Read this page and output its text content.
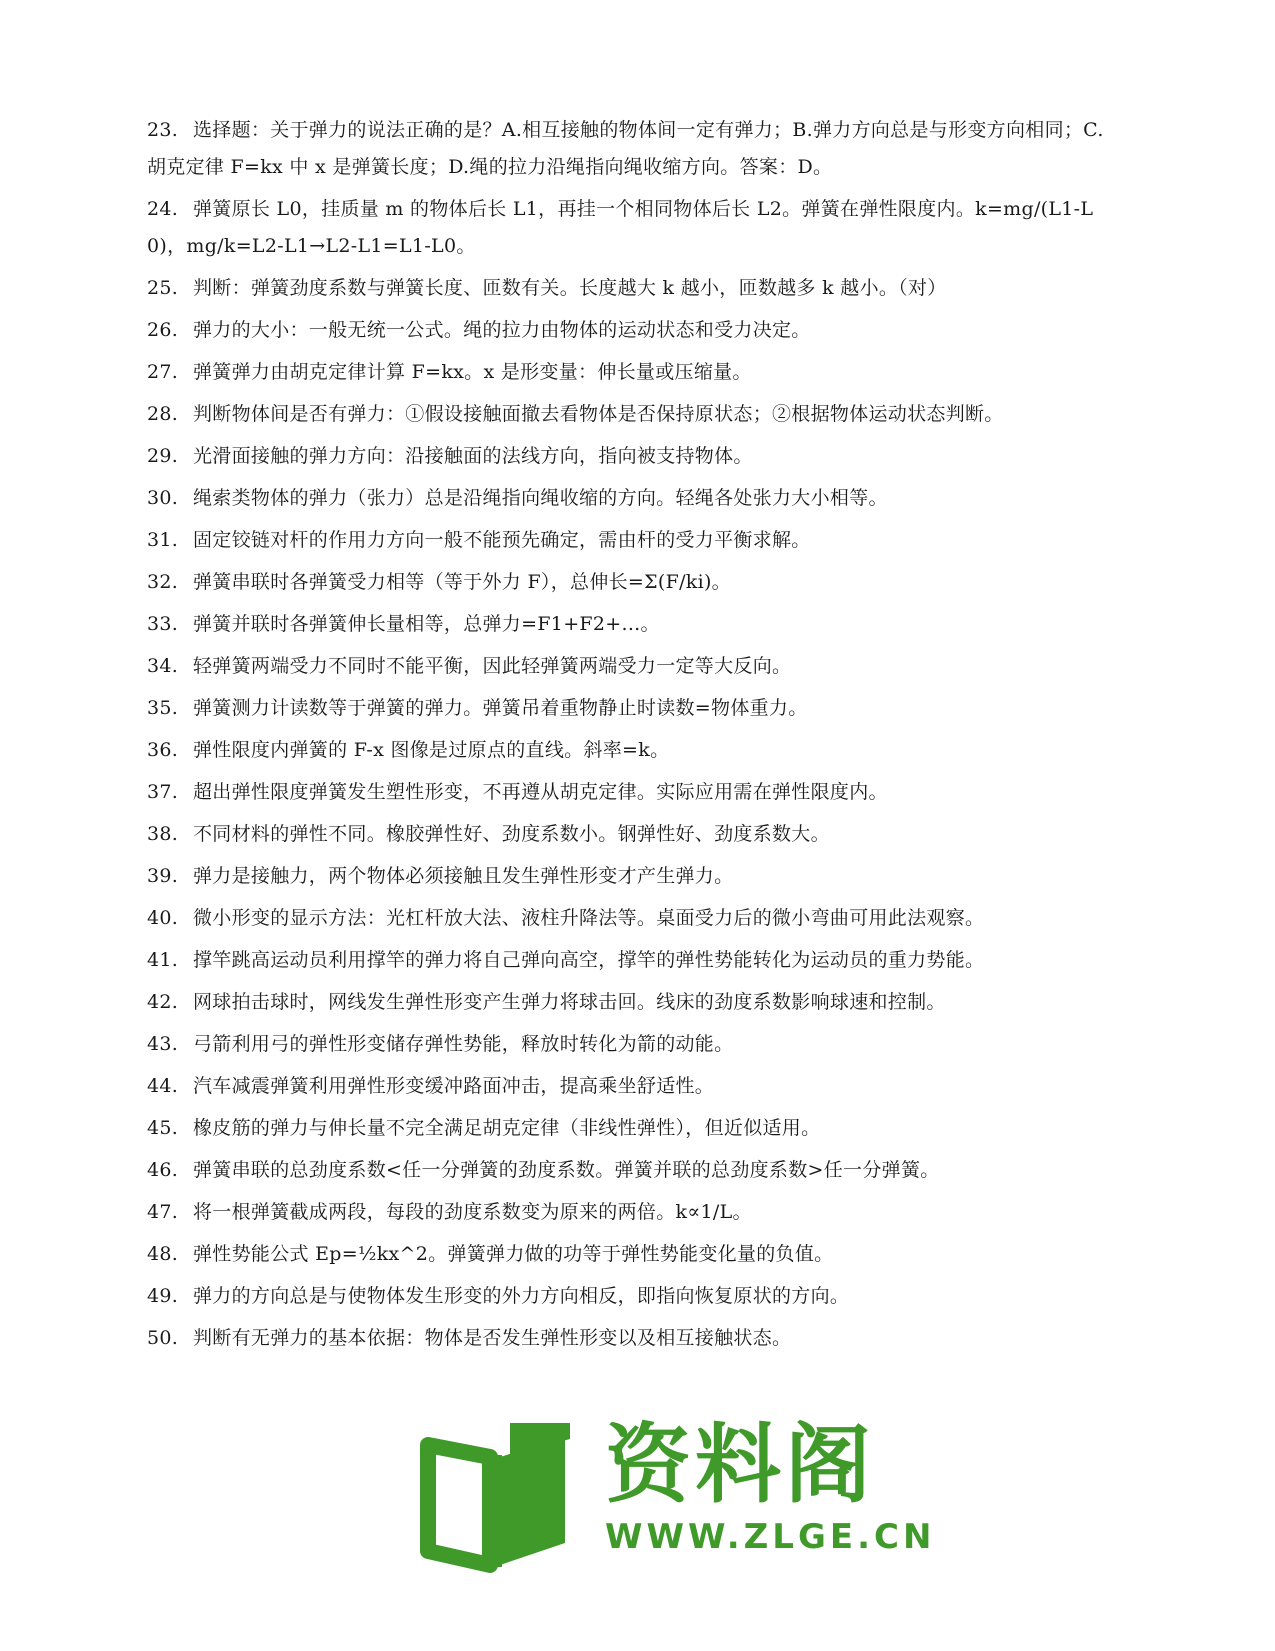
23. 选择题：关于弹力的说法正确的是？A.相互接触的物体间一定有弹力；B.弹力方向总是与形变方向相同；C.胡克定律 F=kx 中 x 是弹簧长度；D.绳的拉力沿绳指向绳收缩方向。答案：D。
24. 弹簧原长 L0，挂质量 m 的物体后长 L1，再挂一个相同物体后长 L2。弹簧在弹性限度内。k=mg/(L1-L0)，mg/k=L2-L1→L2-L1=L1-L0。
25. 判断：弹簧劲度系数与弹簧长度、匝数有关。长度越大 k 越小，匝数越多 k 越小。（对）
26. 弹力的大小：一般无统一公式。绳的拉力由物体的运动状态和受力决定。
27. 弹簧弹力由胡克定律计算 F=kx。x 是形变量：伸长量或压缩量。
28. 判断物体间是否有弹力：①假设接触面撤去看物体是否保持原状态；②根据物体运动状态判断。
29. 光滑面接触的弹力方向：沿接触面的法线方向，指向被支持物体。
30. 绳索类物体的弹力（张力）总是沿绳指向绳收缩的方向。轻绳各处张力大小相等。
31. 固定铰链对杆的作用力方向一般不能预先确定，需由杆的受力平衡求解。
32. 弹簧串联时各弹簧受力相等（等于外力 F），总伸长=Σ(F/ki)。
33. 弹簧并联时各弹簧伸长量相等，总弹力=F1+F2+...。
34. 轻弹簧两端受力不同时不能平衡，因此轻弹簧两端受力一定等大反向。
35. 弹簧测力计读数等于弹簧的弹力。弹簧吊着重物静止时读数=物体重力。
36. 弹性限度内弹簧的 F-x 图像是过原点的直线。斜率=k。
37. 超出弹性限度弹簧发生塑性形变，不再遵从胡克定律。实际应用需在弹性限度内。
38. 不同材料的弹性不同。橡胶弹性好、劲度系数小。钢弹性好、劲度系数大。
39. 弹力是接触力，两个物体必须接触且发生弹性形变才产生弹力。
40. 微小形变的显示方法：光杠杆放大法、液柱升降法等。桌面受力后的微小弯曲可用此法观察。
41. 撑竿跳高运动员利用撑竿的弹力将自己弹向高空，撑竿的弹性势能转化为运动员的重力势能。
42. 网球拍击球时，网线发生弹性形变产生弹力将球击回。线床的劲度系数影响球速和控制。
43. 弓箭利用弓的弹性形变储存弹性势能，释放时转化为箭的动能。
44. 汽车减震弹簧利用弹性形变缓冲路面冲击，提高乘坐舒适性。
45. 橡皮筋的弹力与伸长量不完全满足胡克定律（非线性弹性），但近似适用。
46. 弹簧串联的总劲度系数<任一分弹簧的劲度系数。弹簧并联的总劲度系数>任一分弹簧。
47. 将一根弹簧截成两段，每段的劲度系数变为原来的两倍。k∝1/L。
48. 弹性势能公式 Ep=½kx^2。弹簧弹力做的功等于弹性势能变化量的负值。
49. 弹力的方向总是与使物体发生形变的外力方向相反，即指向恢复原状的方向。
50. 判断有无弹力的基本依据：物体是否发生弹性形变以及相互接触状态。
资料阁
WWW.ZLGE.CN
